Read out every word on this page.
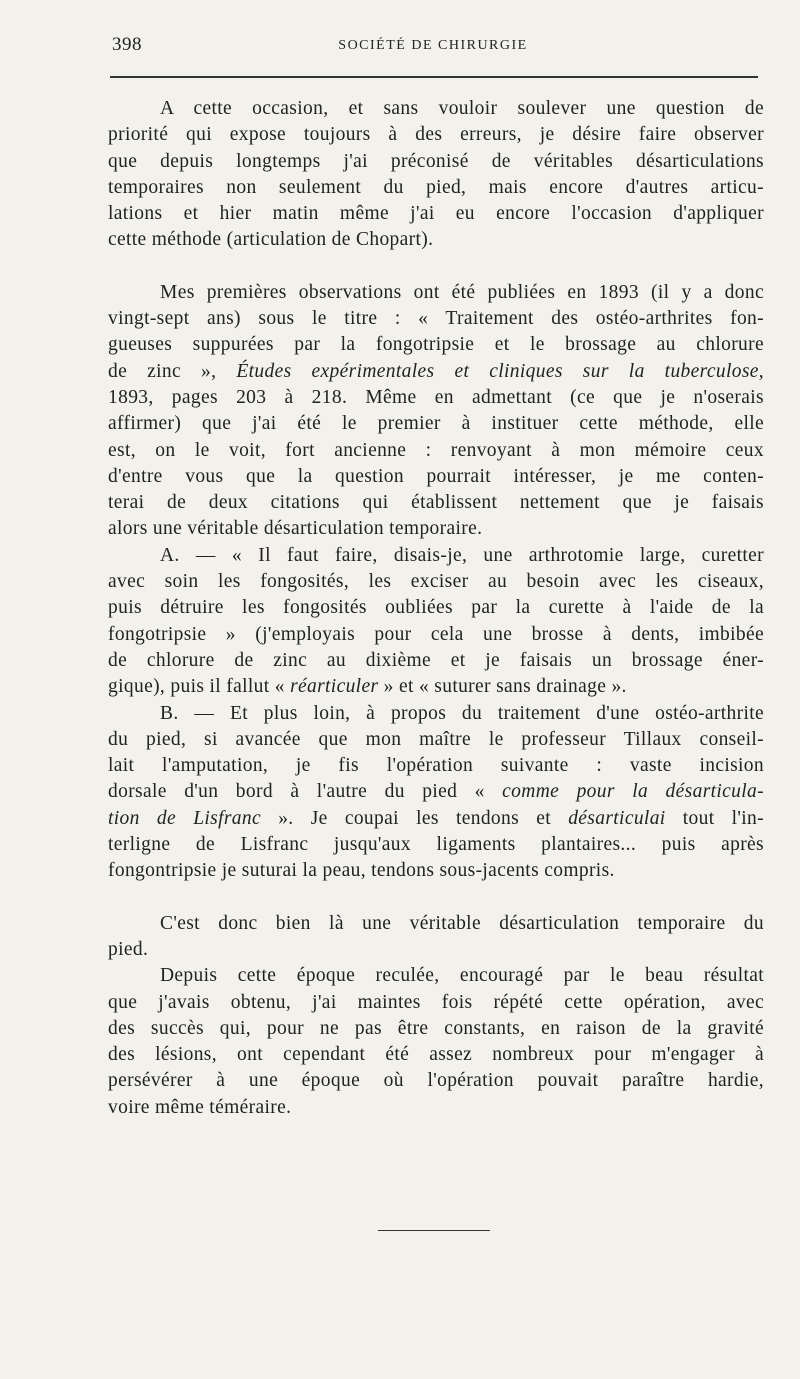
398	SOCIÉTÉ DE CHIRURGIE
A cette occasion, et sans vouloir soulever une question de
priorité qui expose toujours à des erreurs, je désire faire observer
que depuis longtemps j'ai préconisé de véritables désarticulations
temporaires non seulement du pied, mais encore d'autres articu-
lations et hier matin même j'ai eu encore l'occasion d'appliquer
cette méthode (articulation de Chopart).
Mes premières observations ont été publiées en 1893 (il y a donc
vingt-sept ans) sous le titre : « Traitement des ostéo-arthrites fon-
gueuses suppurées par la fongotripsie et le brossage au chlorure
de zinc », Études expérimentales et cliniques sur la tuberculose,
1893, pages 203 à 218. Même en admettant (ce que je n'oserais
affirmer) que j'ai été le premier à instituer cette méthode, elle
est, on le voit, fort ancienne : renvoyant à mon mémoire ceux
d'entre vous que la question pourrait intéresser, je me conten-
terai de deux citations qui établissent nettement que je faisais
alors une véritable désarticulation temporaire.
A. — « Il faut faire, disais-je, une arthrotomie large, curetter
avec soin les fongosités, les exciser au besoin avec les ciseaux,
puis détruire les fongosités oubliées par la curette à l'aide de la
fongotripsie » (j'employais pour cela une brosse à dents, imbibée
de chlorure de zinc au dixième et je faisais un brossage éner-
gique), puis il fallut « réarticuler » et « suturer sans drainage ».
B. — Et plus loin, à propos du traitement d'une ostéo-arthrite
du pied, si avancée que mon maître le professeur Tillaux conseil-
lait l'amputation, je fis l'opération suivante : vaste incision
dorsale d'un bord à l'autre du pied « comme pour la désarticula-
tion de Lisfranc ». Je coupai les tendons et désarticulai tout l'in-
terligne de Lisfranc jusqu'aux ligaments plantaires... puis après
fongontripsie je suturai la peau, tendons sous-jacents compris.
C'est donc bien là une véritable désarticulation temporaire du
pied.
Depuis cette époque reculée, encouragé par le beau résultat
que j'avais obtenu, j'ai maintes fois répété cette opération, avec
des succès qui, pour ne pas être constants, en raison de la gravité
des lésions, ont cependant été assez nombreux pour m'engager à
persévérer à une époque où l'opération pouvait paraître hardie,
voire même téméraire.
